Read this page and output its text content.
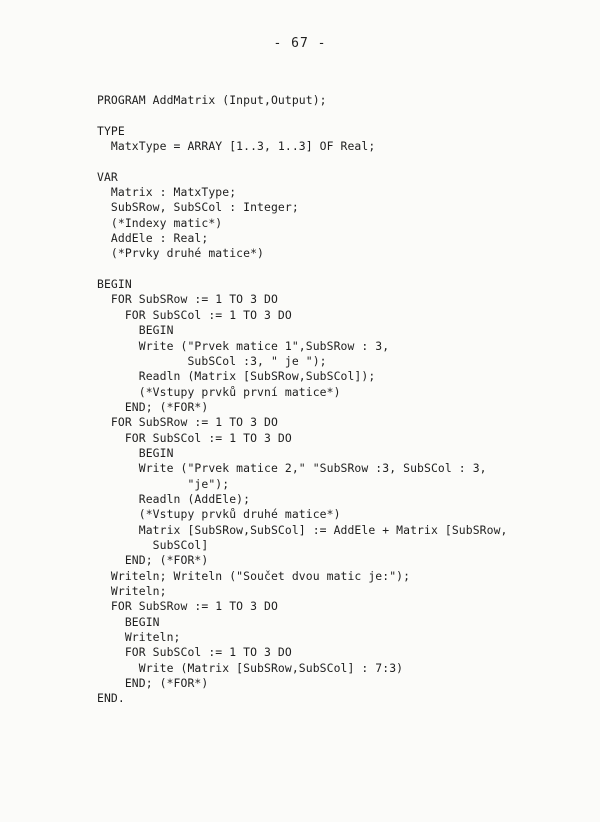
- 67 -
PROGRAM AddMatrix (Input,Output);
TYPE
MatxType = ARRAY [1..3, 1..3] OF Real;
VAR
Matrix : MatxType;
SubSRow, SubSCol : Integer;
(*Indexy matic*)
AddEle : Real;
(*Prvky druhé matice*)
BEGIN
FOR SubSRow := 1 TO 3 DO
FOR SubSCol := 1 TO 3 DO
BEGIN
Write ("Prvek matice 1",SubSRow : 3,
SubSCol :3, " je ");
Readln (Matrix [SubSRow,SubSCol]);
(*Vstupy prvků první matice*)
END; (*FOR*)
FOR SubSRow := 1 TO 3 DO
FOR SubSCol := 1 TO 3 DO
BEGIN
Write ("Prvek matice 2," "SubSRow :3, SubSCol : 3,
"je");
Readln (AddEle);
(*Vstupy prvků druhé matice*)
Matrix [SubSRow,SubSCol] := AddEle + Matrix [SubSRow,
SubSCol]
END; (*FOR*)
Writeln; Writeln ("Součet dvou matic je:");
Writeln;
FOR SubSRow := 1 TO 3 DO
BEGIN
Writeln;
FOR SubSCol := 1 TO 3 DO
Write (Matrix [SubSRow,SubSCol] : 7:3)
END; (*FOR*)
END.
